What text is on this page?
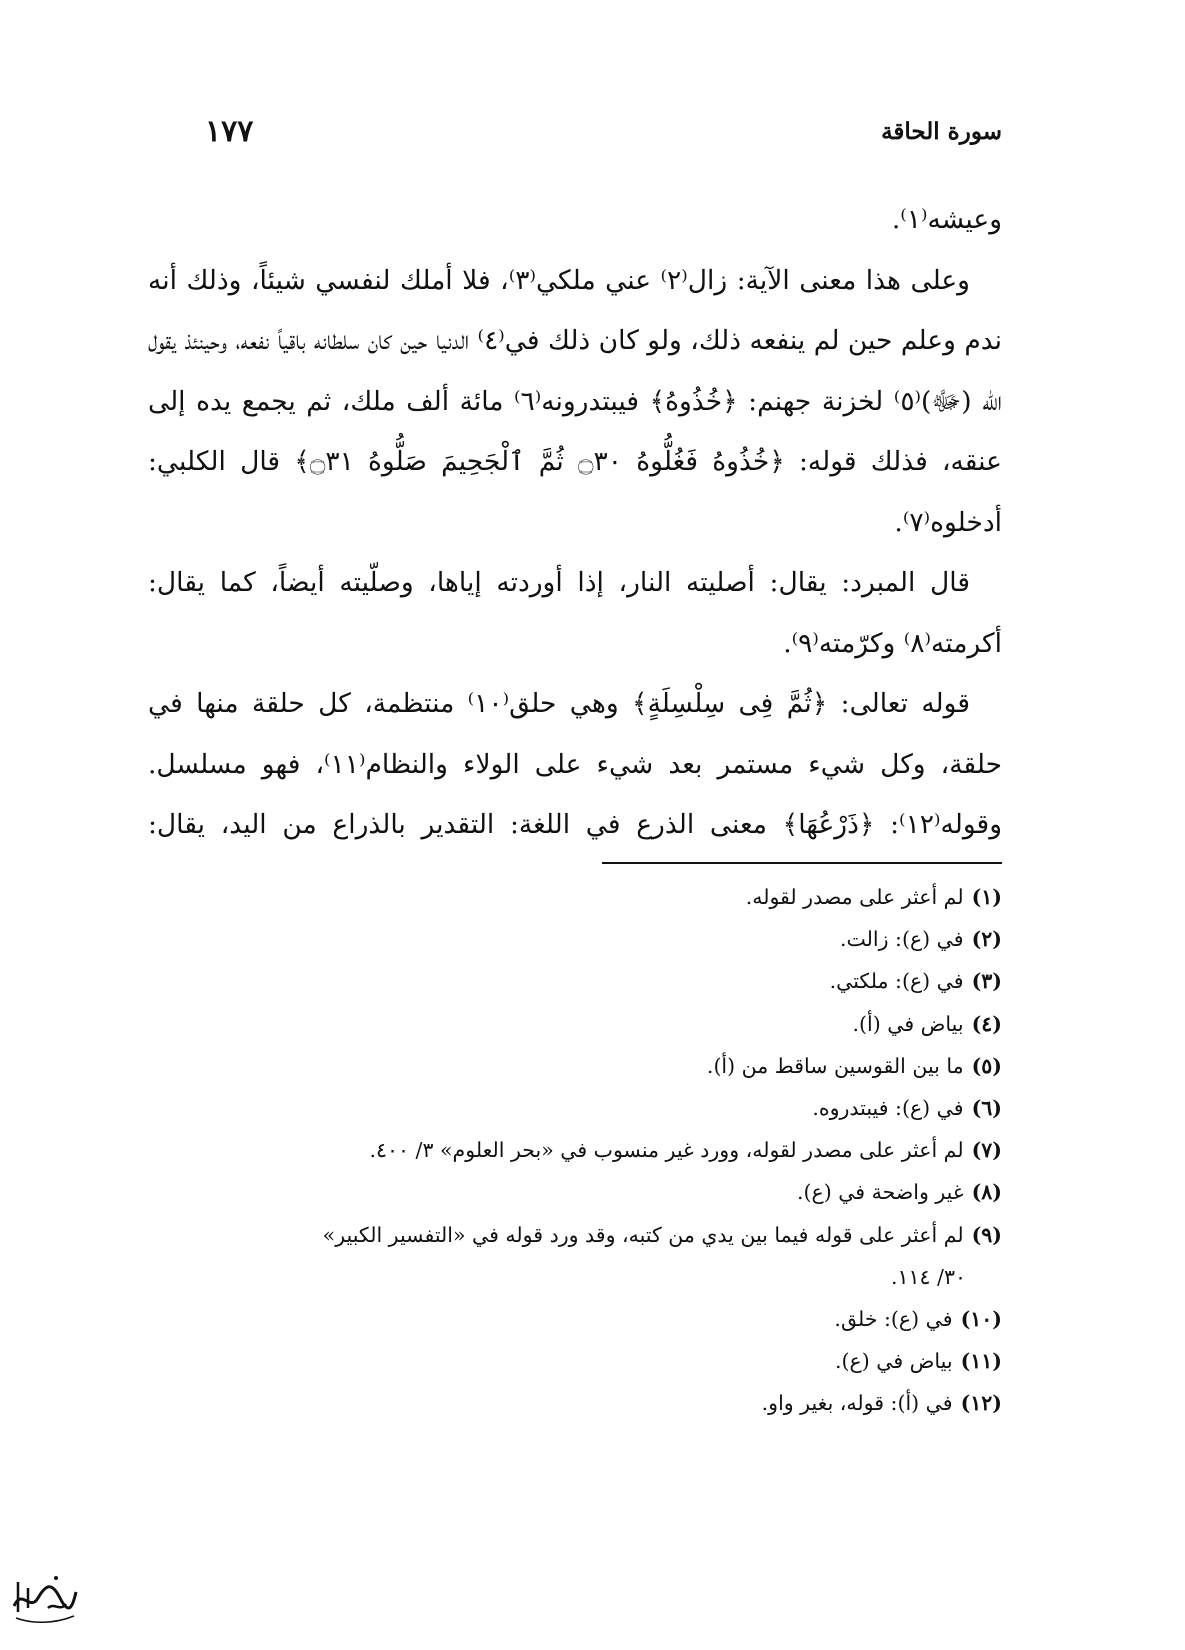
سورة الحاقة
١٧٧

وعيشه⁽١⁾.

وعلى هذا معنى الآية: زال⁽٢⁾ عني ملكي⁽٣⁾، فلا أملك لنفسي شيئاً، وذلك أنه ندم وعلم حين لم ينفعه ذلك، ولو كان ذلك في⁽٤⁾ الدنيا حين كان سلطانه باقياً نفعه، وحينئذ يقول الله (ﷻ)⁽٥⁾ لخزنة جهنم: ﴿خُذُوهُ﴾ فيبتدرونه⁽٦⁾ مائة ألف ملك، ثم يجمع يده إلى عنقه، فذلك قوله: ﴿خُذُوهُ فَغُلُّوهُ ۝٣٠ ثُمَّ ٱلْجَحِيمَ صَلُّوهُ ۝٣١﴾ قال الكلبي: أدخلوه⁽٧⁾.

قال المبرد: يقال: أصليته النار، إذا أوردته إياها، وصلّيته أيضاً، كما يقال: أكرمته⁽٨⁾ وكرّمته⁽٩⁾.

قوله تعالى: ﴿ثُمَّ فِى سِلْسِلَةٍ﴾ وهي حلق⁽١٠⁾ منتظمة، كل حلقة منها في حلقة، وكل شيء مستمر بعد شيء على الولاء والنظام⁽١١⁾، فهو مسلسل. وقوله⁽١٢⁾: ﴿ذَرْعُهَا﴾ معنى الذرع في اللغة: التقدير بالذراع من اليد، يقال:

(١)
لم أعثر على مصدر لقوله.
(٢)
في (ع): زالت.
(٣)
في (ع): ملكتي.
(٤)
بياض في (أ).
(٥)
ما بين القوسين ساقط من (أ).
(٦)
في (ع): فيبتدروه.
(٧)
لم أعثر على مصدر لقوله، وورد غير منسوب في «بحر العلوم» ٣/ ٤٠٠.
(٨)
غير واضحة في (ع).
(٩)
لم أعثر على قوله فيما بين يدي من كتبه، وقد ورد قوله في «التفسير الكبير»
٣٠/ ١١٤.
(١٠)
في (ع): خلق.
(١١)
بياض في (ع).
(١٢)
في (أ): قوله، بغير واو.
